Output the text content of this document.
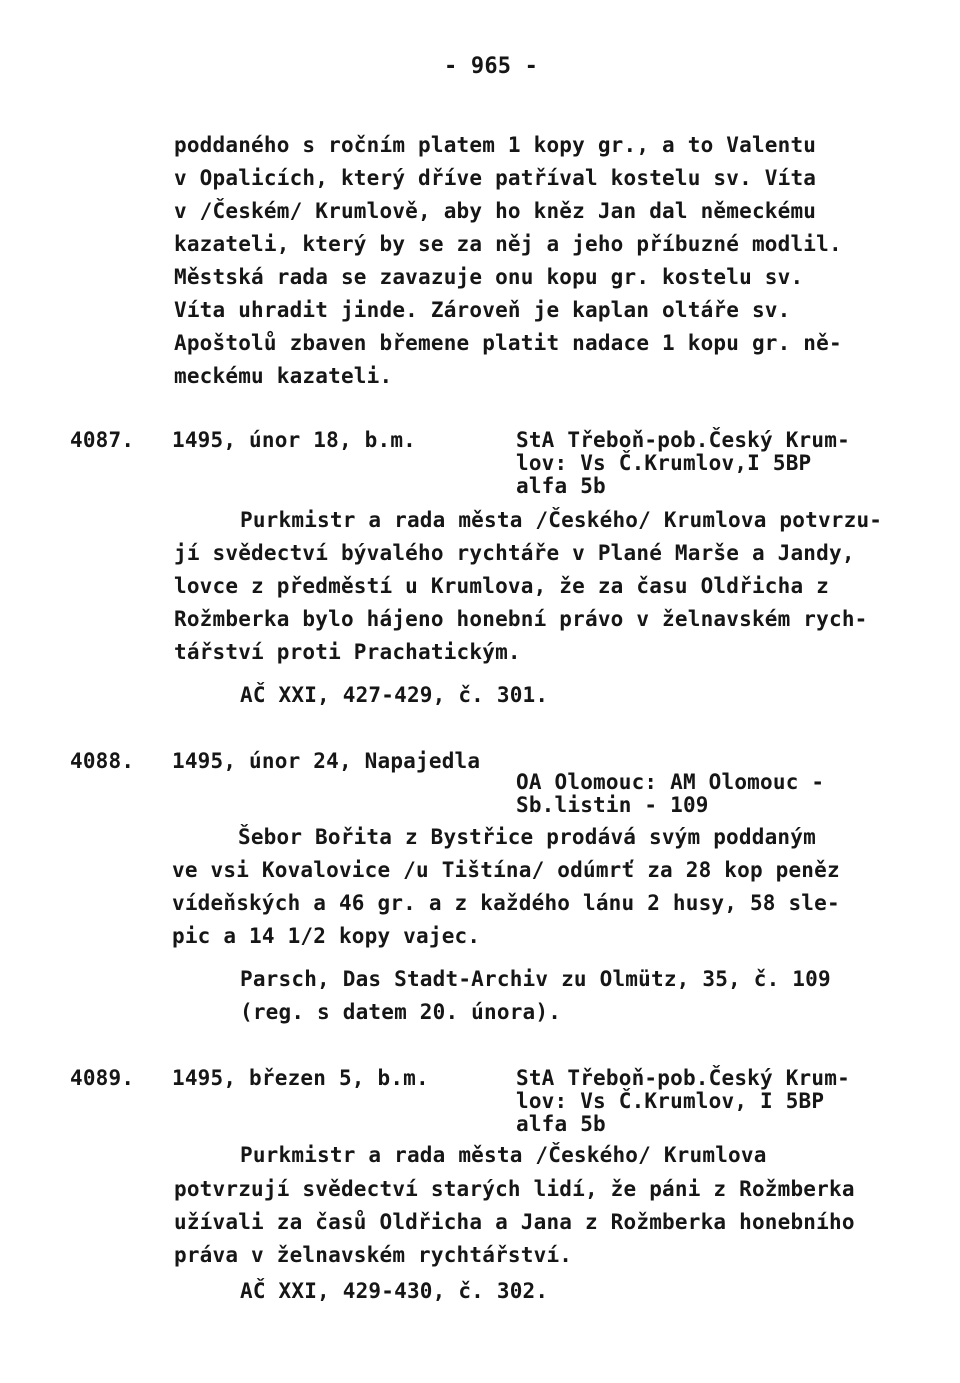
- 965 -
poddaného s ročním platem 1 kopy gr., a to Valentu
v Opalicích, který dříve patříval kostelu sv. Víta
v /Českém/ Krumlově, aby ho kněz Jan dal německému
kazateli, který by se za něj a jeho příbuzné modlil.
Městská rada se zavazuje onu kopu gr. kostelu sv.
Víta uhradit jinde. Zároveň je kaplan oltáře sv.
Apoštolů zbaven břemene platit nadace 1 kopu gr. ně-
meckému kazateli.
4087. 1495, únor 18, b.m.	StA Třeboň-pob.Český Krum-
lov: Vs Č.Krumlov,I 5BP
alfa 5b
Purkmistr a rada města /Českého/ Krumlova potvrzu-
jí svědectví bývalého rychtáře v Plané Marše a Jandy,
lovce z předměstí u Krumlova, že za času Oldřicha z
Rožmberka bylo hájeno honební právo v želnavském rych-
tářství proti Prachatickým.
AČ XXI, 427-429, č. 301.
4088. 1495, únor 24, Napajedla
OA Olomouc: AM Olomouc -
Sb.listin - 109
Šebor Bořita z Bystřice prodává svým poddaným
ve vsi Kovalovice /u Tištína/ odúmrť za 28 kop peněz
vídeňských a 46 gr. a z každého lánu 2 husy, 58 sle-
pic a 14 1/2 kopy vajec.
Parsch, Das Stadt-Archiv zu Olmütz, 35, č. 109
(reg. s datem 20. února).
4089. 1495, březen 5, b.m.	StA Třeboň-pob.Český Krum-
lov: Vs Č.Krumlov, I 5BP
alfa 5b
Purkmistr a rada města /Českého/ Krumlova
potvrzují svědectví starých lidí, že páni z Rožmberka
užívali za časů Oldřicha a Jana z Rožmberka honebního
práva v želnavském rychtářství.
AČ XXI, 429-430, č. 302.
